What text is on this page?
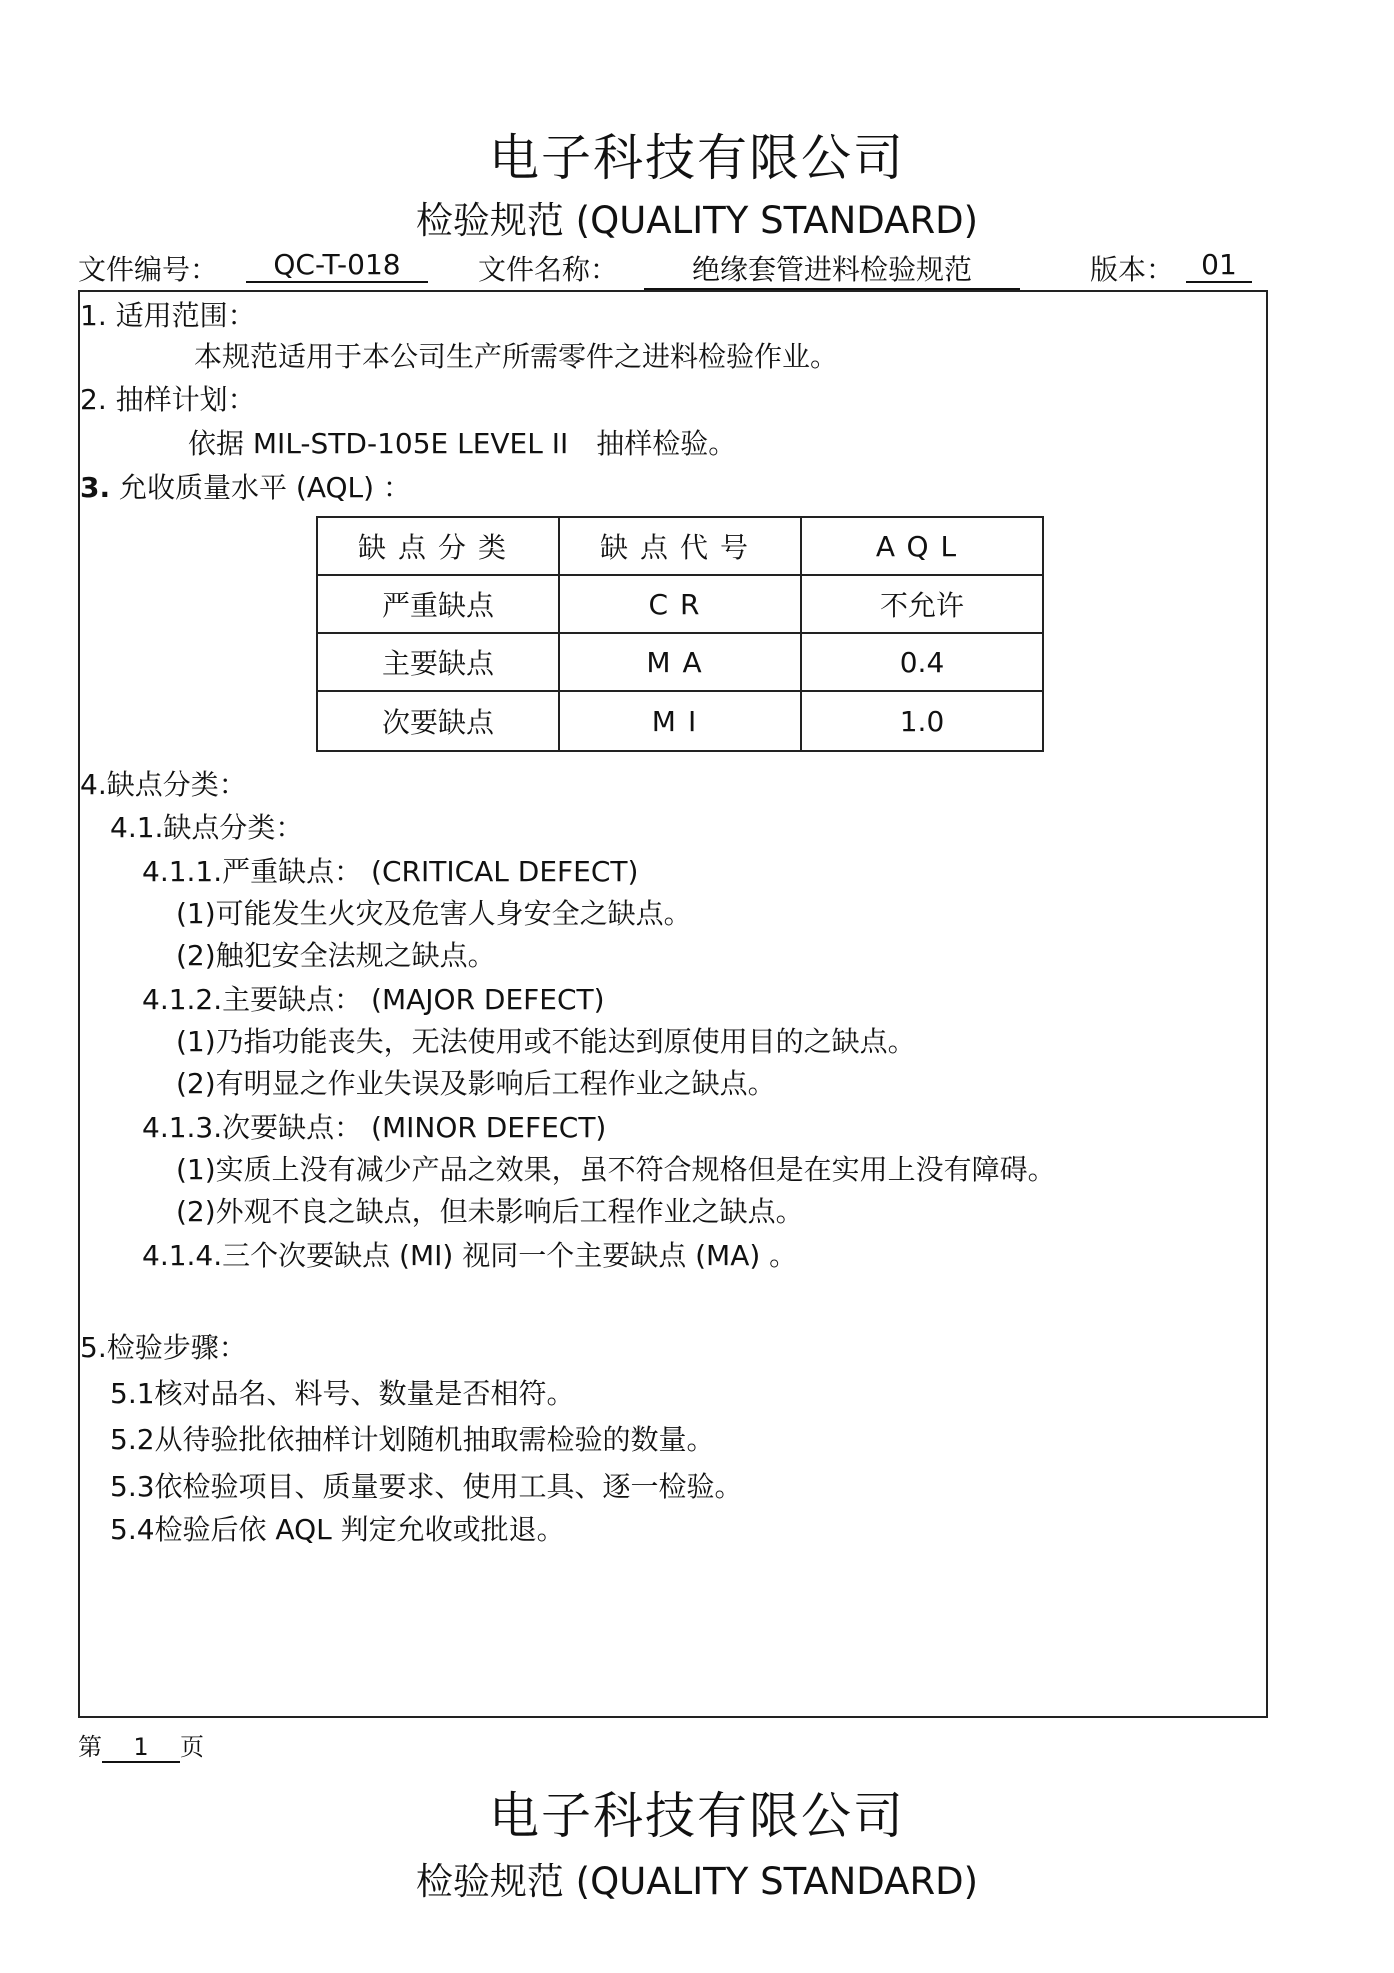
电子科技有限公司
检验规范 (QUALITY STANDARD)
文件编号：	QC-T-018	文件名称：	绝缘套管进料检验规范	版本： 01
1. 适用范围：
本规范适用于本公司生产所需零件之进料检验作业。
2. 抽样计划：
依据 MIL-STD-105E LEVEL II　抽样检验。
3. 允收质量水平 (AQL) ：
缺点分类	缺点代号	AQL
严重缺点	CR	不允许
主要缺点	MA	0.4
次要缺点	MI	1.0
4.缺点分类：
4.1.缺点分类：
4.1.1.严重缺点： (CRITICAL DEFECT)
(1)可能发生火灾及危害人身安全之缺点。
(2)触犯安全法规之缺点。
4.1.2.主要缺点： (MAJOR DEFECT)
(1)乃指功能丧失，无法使用或不能达到原使用目的之缺点。
(2)有明显之作业失误及影响后工程作业之缺点。
4.1.3.次要缺点： (MINOR DEFECT)
(1)实质上没有减少产品之效果，虽不符合规格但是在实用上没有障碍。
(2)外观不良之缺点，但未影响后工程作业之缺点。
4.1.4.三个次要缺点 (MI) 视同一个主要缺点 (MA) 。
5.检验步骤：
5.1核对品名、料号、数量是否相符。
5.2从待验批依抽样计划随机抽取需检验的数量。
5.3依检验项目、质量要求、使用工具、逐一检验。
5.4检验后依 AQL 判定允收或批退。
第 1 页
电子科技有限公司
检验规范 (QUALITY STANDARD)
